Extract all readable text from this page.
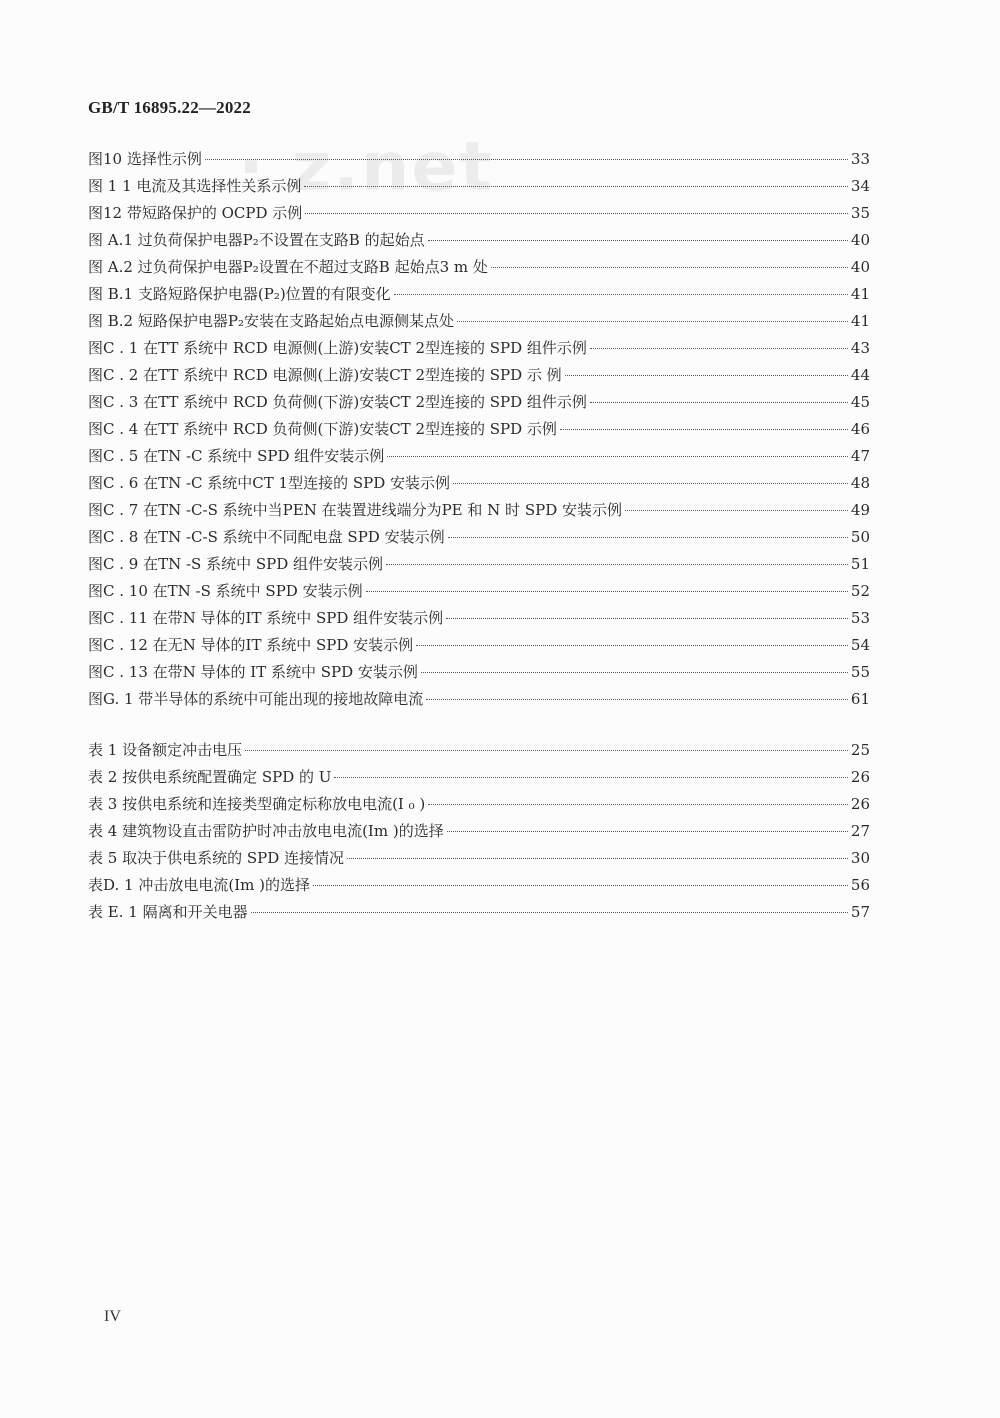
GB/T 16895.22—2022
· z.net
图10 选择性示例	33
图 1 1 电流及其选择性关系示例	34
图12 带短路保护的 OCPD 示例	35
图 A.1 过负荷保护电器P₂不设置在支路B 的起始点	40
图 A.2 过负荷保护电器P₂设置在不超过支路B 起始点3 m 处	40
图 B.1 支路短路保护电器(P₂)位置的有限变化	41
图 B.2 短路保护电器P₂安装在支路起始点电源侧某点处	41
图C . 1 在TT 系统中 RCD 电源侧(上游)安装CT 2型连接的 SPD 组件示例	43
图C . 2 在TT 系统中 RCD 电源侧(上游)安装CT 2型连接的 SPD 示 例	44
图C . 3 在TT 系统中 RCD 负荷侧(下游)安装CT 2型连接的 SPD 组件示例	45
图C . 4 在TT 系统中 RCD 负荷侧(下游)安装CT 2型连接的 SPD 示例	46
图C . 5 在TN -C 系统中 SPD 组件安装示例	47
图C . 6 在TN -C 系统中CT 1型连接的 SPD 安装示例	48
图C . 7 在TN -C-S 系统中当PEN 在装置进线端分为PE 和 N 时 SPD 安装示例	49
图C . 8 在TN -C-S 系统中不同配电盘 SPD 安装示例	50
图C . 9 在TN -S 系统中 SPD 组件安装示例	51
图C . 10 在TN -S 系统中 SPD 安装示例	52
图C . 11 在带N 导体的IT 系统中 SPD 组件安装示例	53
图C . 12 在无N 导体的IT 系统中 SPD 安装示例	54
图C . 13 在带N 导体的 IT 系统中 SPD 安装示例	55
图G. 1 带半导体的系统中可能出现的接地故障电流	61
表 1 设备额定冲击电压	25
表 2 按供电系统配置确定 SPD 的 U	26
表 3 按供电系统和连接类型确定标称放电电流(I ₀ )	26
表 4 建筑物设直击雷防护时冲击放电电流(Im )的选择	27
表 5 取决于供电系统的 SPD 连接情况	30
表D. 1 冲击放电电流(Im )的选择	56
表 E. 1 隔离和开关电器	57
IV
